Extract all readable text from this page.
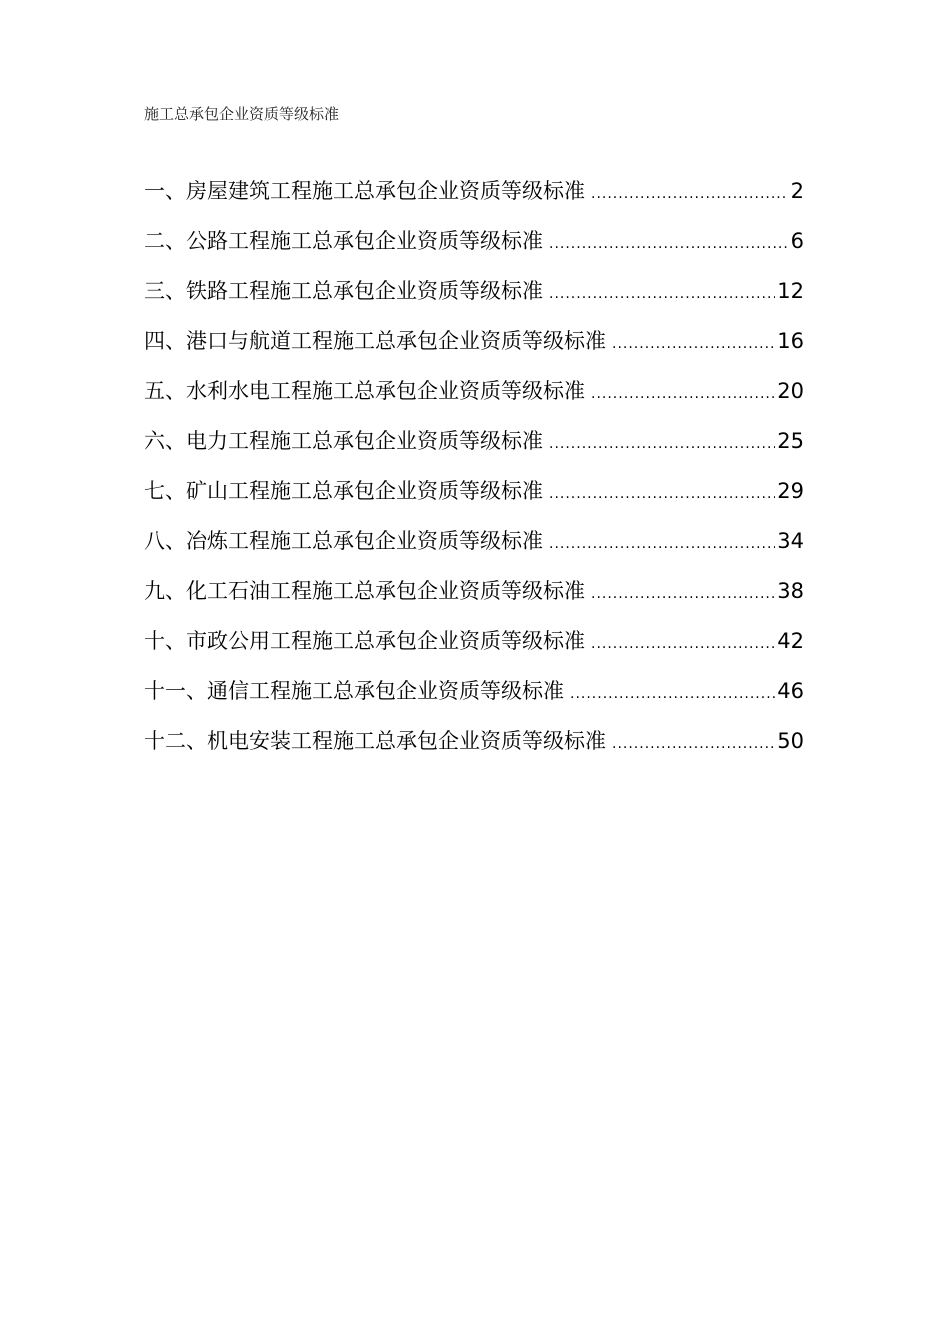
施工总承包企业资质等级标准
一、房屋建筑工程施工总承包企业资质等级标准 .....	2
二、公路工程施工总承包企业资质等级标准 .....	6
三、铁路工程施工总承包企业资质等级标准 .....	12
四、港口与航道工程施工总承包企业资质等级标准 .....	16
五、水利水电工程施工总承包企业资质等级标准 .....	20
六、电力工程施工总承包企业资质等级标准 .....	25
七、矿山工程施工总承包企业资质等级标准 .....	29
八、冶炼工程施工总承包企业资质等级标准 .....	34
九、化工石油工程施工总承包企业资质等级标准 .....	38
十、市政公用工程施工总承包企业资质等级标准 .....	42
十一、通信工程施工总承包企业资质等级标准 .....	46
十二、机电安装工程施工总承包企业资质等级标准 .....	50
